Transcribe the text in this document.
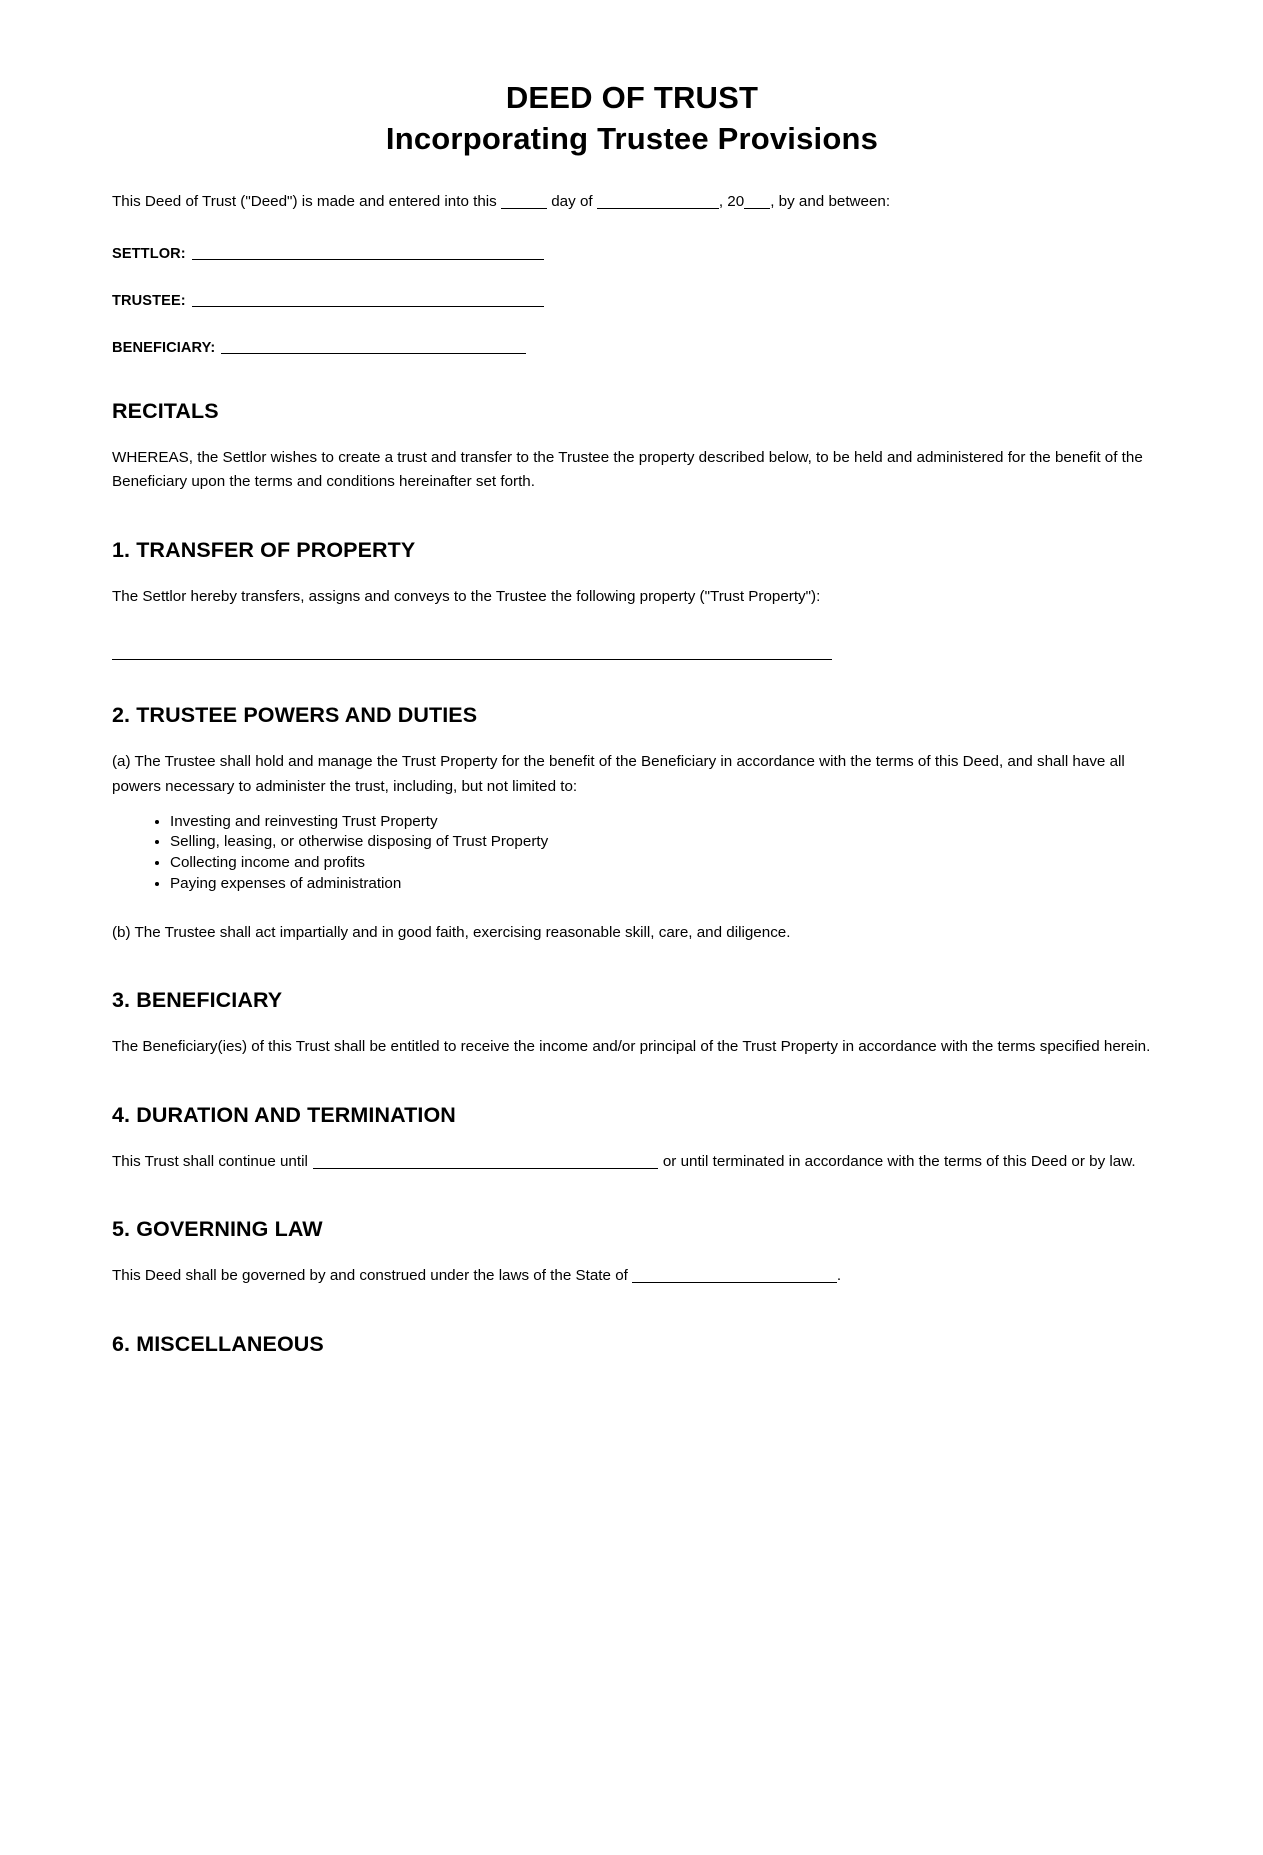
DEED OF TRUST
Incorporating Trustee Provisions

This Deed of Trust ("Deed") is made and entered into this	day of	, 20 , by and between:

SETTLOR:
TRUSTEE:
BENEFICIARY:
RECITALS

WHEREAS, the Settlor wishes to create a trust and transfer to the Trustee the property described below, to be held and administered for the benefit of the Beneficiary upon the terms and conditions hereinafter set forth.

1. TRANSFER OF PROPERTY

The Settlor hereby transfers, assigns and conveys to the Trustee the following property ("Trust Property"):

2. TRUSTEE POWERS AND DUTIES

(a) The Trustee shall hold and manage the Trust Property for the benefit of the Beneficiary in accordance with the terms of this Deed, and shall have all powers necessary to administer the trust, including, but not limited to:

• Investing and reinvesting Trust Property
• Selling, leasing, or otherwise disposing of Trust Property
• Collecting income and profits
• Paying expenses of administration

(b) The Trustee shall act impartially and in good faith, exercising reasonable skill, care, and diligence.

3. BENEFICIARY

The Beneficiary(ies) of this Trust shall be entitled to receive the income and/or principal of the Trust Property in accordance with the terms specified herein.

4. DURATION AND TERMINATION

This Trust shall continue until	or until terminated in accordance with the terms of this Deed or by law.

5. GOVERNING LAW

This Deed shall be governed by and construed under the laws of the State of	.

6. MISCELLANEOUS
